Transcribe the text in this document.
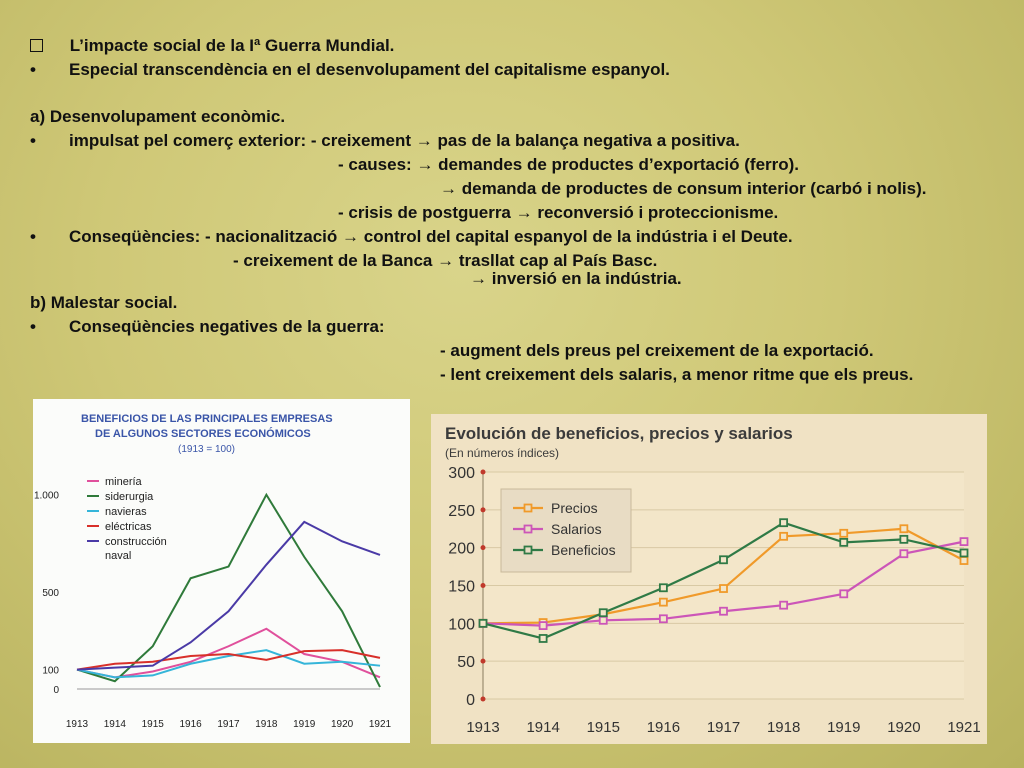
L’impacte social de la Iª Guerra Mundial.
• Especial transcendència en el desenvolupament del capitalisme espanyol.
a) Desenvolupament econòmic.
• impulsat pel comerç exterior: - creixement → pas de la balança negativa a positiva.
- causes: → demandes de productes d’exportació (ferro).
→ demanda de productes de consum interior (carbó i nolis).
- crisis de postguerra → reconversió i proteccionisme.
• Conseqüències: - nacionalització → control del capital espanyol de la indústria i el Deute.
- creixement de la Banca → trasllat cap al País Basc.
→ inversió en la indústria.
b) Malestar social.
• Conseqüències negatives de la guerra:
- augment dels preus pel creixement de la exportació.
- lent creixement dels salaris, a menor ritme que els preus.
BENEFICIOS DE LAS PRINCIPALES EMPRESAS
DE ALGUNOS SECTORES ECONÓMICOS
(1913 = 100)
0
100
500
1.000
1913 1914 1915 1916 1917 1918 1919 1920 1921
minería
siderurgia
navieras
eléctricas
construcción
naval
Evolución de beneficios, precios y salarios
(En números índices)
0
50
100
150
200
250
300
1913 1914 1915 1916 1917 1918 1919 1920 1921
Precios
Salarios
Beneficios
